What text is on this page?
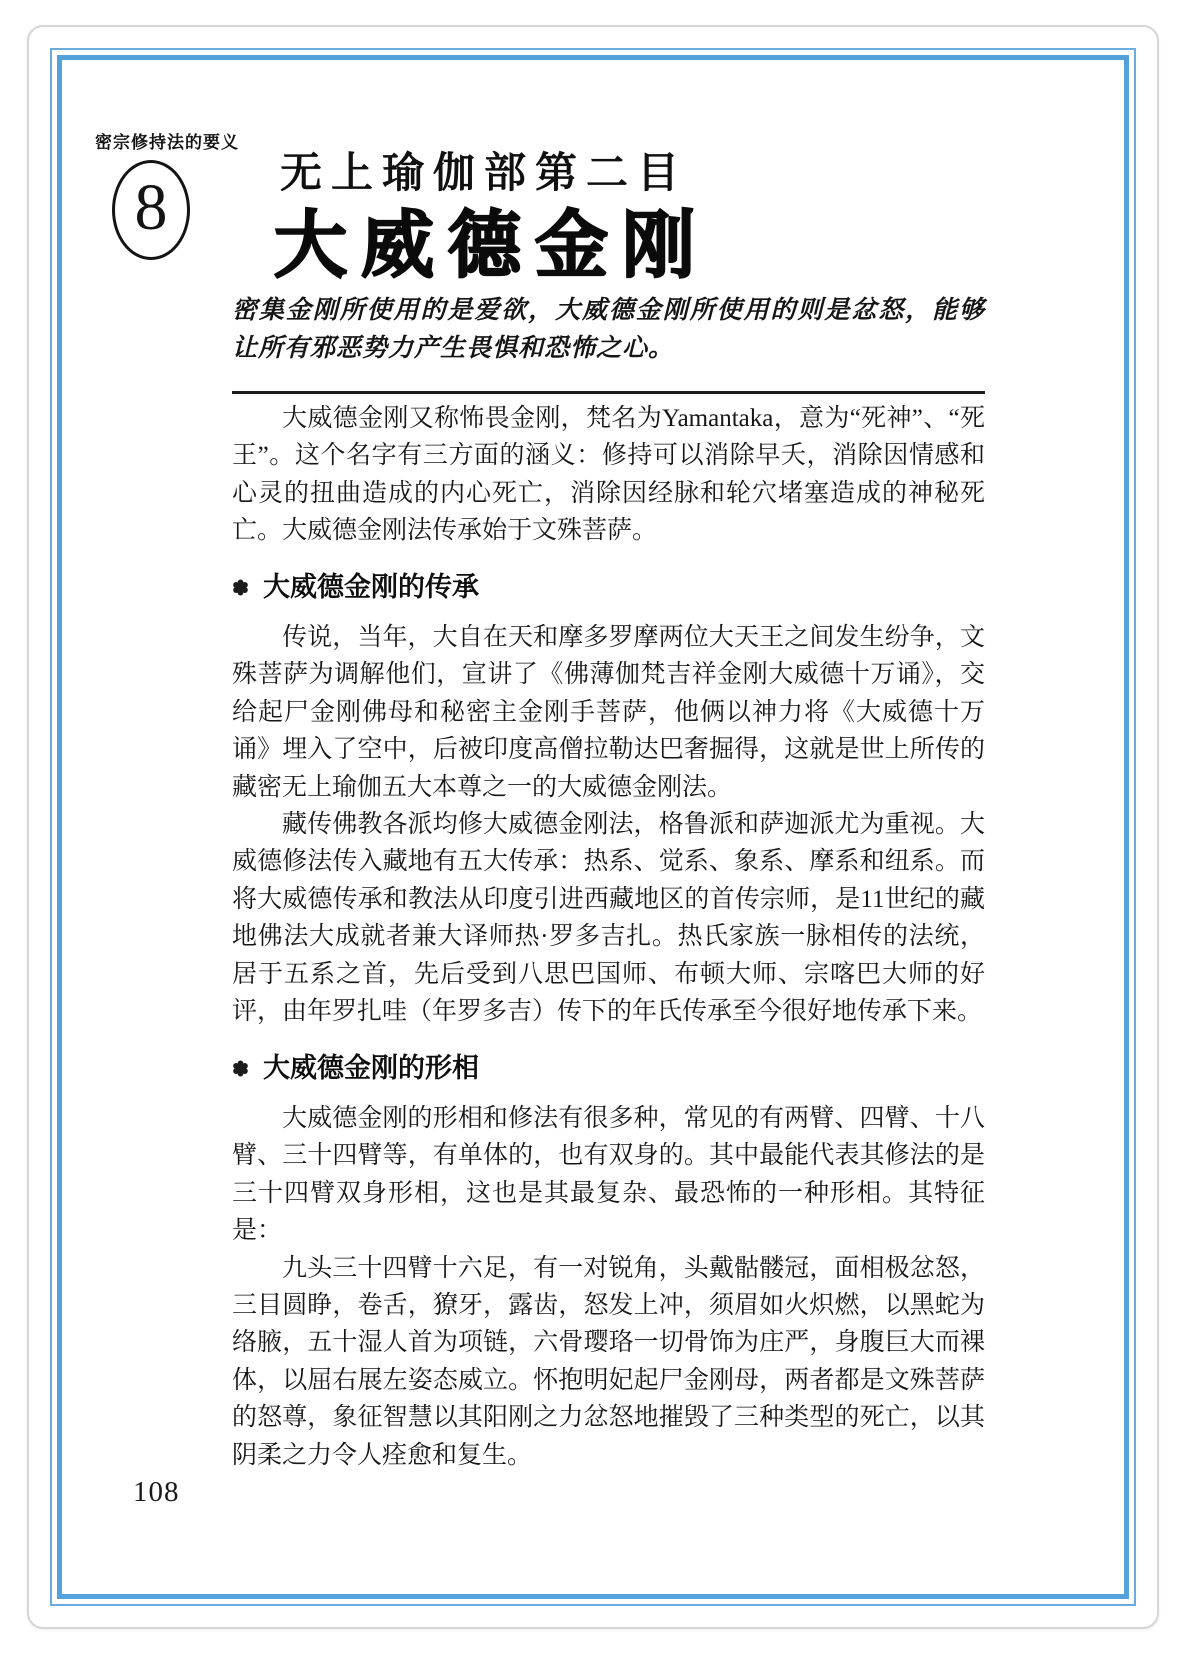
密宗修持法的要义
8	无上瑜伽部第二目
大威德金刚
密集金刚所使用的是爱欲，大威德金刚所使用的则是忿怒，能够让所有邪恶势力产生畏惧和恐怖之心。

大威德金刚又称怖畏金刚，梵名为Yamantaka，意为“死神”、“死王”。这个名字有三方面的涵义：修持可以消除早夭，消除因情感和心灵的扭曲造成的内心死亡，消除因经脉和轮穴堵塞造成的神秘死亡。大威德金刚法传承始于文殊菩萨。

大威德金刚的传承

传说，当年，大自在天和摩多罗摩两位大天王之间发生纷争，文殊菩萨为调解他们，宣讲了《佛薄伽梵吉祥金刚大威德十万诵》，交给起尸金刚佛母和秘密主金刚手菩萨，他俩以神力将《大威德十万诵》埋入了空中，后被印度高僧拉勒达巴奢掘得，这就是世上所传的藏密无上瑜伽五大本尊之一的大威德金刚法。

藏传佛教各派均修大威德金刚法，格鲁派和萨迦派尤为重视。大威德修法传入藏地有五大传承：热系、觉系、象系、摩系和纽系。而将大威德传承和教法从印度引进西藏地区的首传宗师，是11世纪的藏地佛法大成就者兼大译师热·罗多吉扎。热氏家族一脉相传的法统，居于五系之首，先后受到八思巴国师、布顿大师、宗喀巴大师的好评，由年罗扎哇（年罗多吉）传下的年氏传承至今很好地传承下来。

大威德金刚的形相

大威德金刚的形相和修法有很多种，常见的有两臂、四臂、十八臂、三十四臂等，有单体的，也有双身的。其中最能代表其修法的是三十四臂双身形相，这也是其最复杂、最恐怖的一种形相。其特征是：

九头三十四臂十六足，有一对锐角，头戴骷髅冠，面相极忿怒，三目圆睁，卷舌，獠牙，露齿，怒发上冲，须眉如火炽燃，以黑蛇为络腋，五十湿人首为项链，六骨璎珞一切骨饰为庄严，身腹巨大而裸体，以屈右展左姿态威立。怀抱明妃起尸金刚母，两者都是文殊菩萨的怒尊，象征智慧以其阳刚之力忿怒地摧毁了三种类型的死亡，以其阴柔之力令人痊愈和复生。

108
